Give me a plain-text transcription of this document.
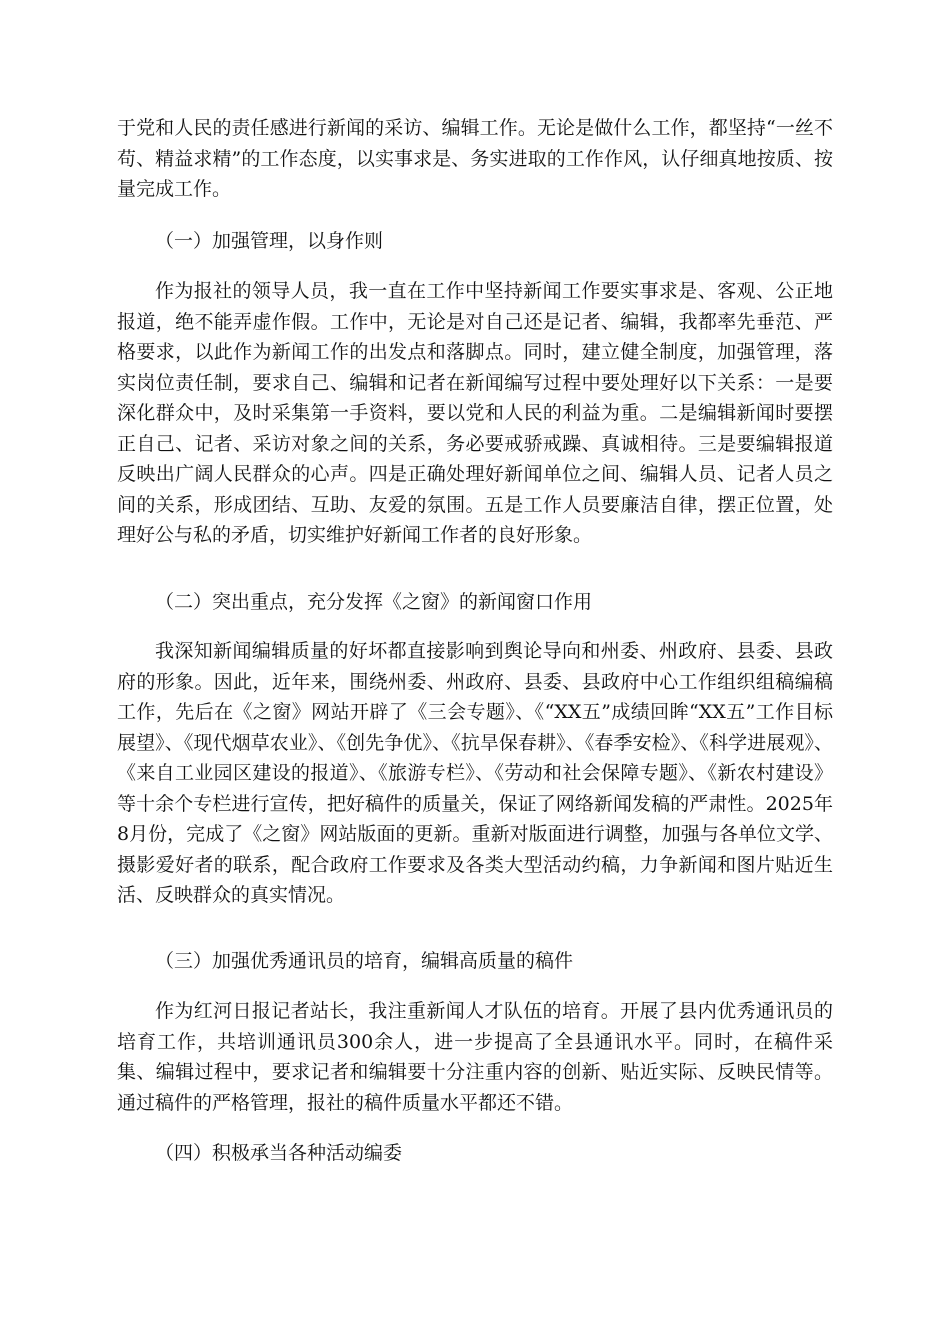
于党和人民的责任感进行新闻的采访、编辑工作。无论是做什么工作，都坚持“一丝不苟、精益求精”的工作态度，以实事求是、务实进取的工作作风，认仔细真地按质、按量完成工作。

（一）加强管理，以身作则

作为报社的领导人员，我一直在工作中坚持新闻工作要实事求是、客观、公正地报道，绝不能弄虚作假。工作中，无论是对自己还是记者、编辑，我都率先垂范、严格要求，以此作为新闻工作的出发点和落脚点。同时，建立健全制度，加强管理，落实岗位责任制，要求自己、编辑和记者在新闻编写过程中要处理好以下关系：一是要深化群众中，及时采集第一手资料，要以党和人民的利益为重。二是编辑新闻时要摆正自己、记者、采访对象之间的关系，务必要戒骄戒躁、真诚相待。三是要编辑报道反映出广阔人民群众的心声。四是正确处理好新闻单位之间、编辑人员、记者人员之间的关系，形成团结、互助、友爱的氛围。五是工作人员要廉洁自律，摆正位置，处理好公与私的矛盾，切实维护好新闻工作者的良好形象。

（二）突出重点，充分发挥《之窗》的新闻窗口作用

我深知新闻编辑质量的好坏都直接影响到舆论导向和州委、州政府、县委、县政府的形象。因此，近年来，围绕州委、州政府、县委、县政府中心工作组织组稿编稿工作，先后在《之窗》网站开辟了《三会专题》、《“XX五”成绩回眸“XX五”工作目标展望》、《现代烟草农业》、《创先争优》、《抗旱保春耕》、《春季安检》、《科学进展观》、《来自工业园区建设的报道》、《旅游专栏》、《劳动和社会保障专题》、《新农村建设》等十余个专栏进行宣传，把好稿件的质量关，保证了网络新闻发稿的严肃性。2025年8月份，完成了《之窗》网站版面的更新。重新对版面进行调整，加强与各单位文学、摄影爱好者的联系，配合政府工作要求及各类大型活动约稿，力争新闻和图片贴近生活、反映群众的真实情况。

（三）加强优秀通讯员的培育，编辑高质量的稿件

作为红河日报记者站长，我注重新闻人才队伍的培育。开展了县内优秀通讯员的培育工作，共培训通讯员300余人，进一步提高了全县通讯水平。同时，在稿件采集、编辑过程中，要求记者和编辑要十分注重内容的创新、贴近实际、反映民情等。通过稿件的严格管理，报社的稿件质量水平都还不错。

（四）积极承当各种活动编委
